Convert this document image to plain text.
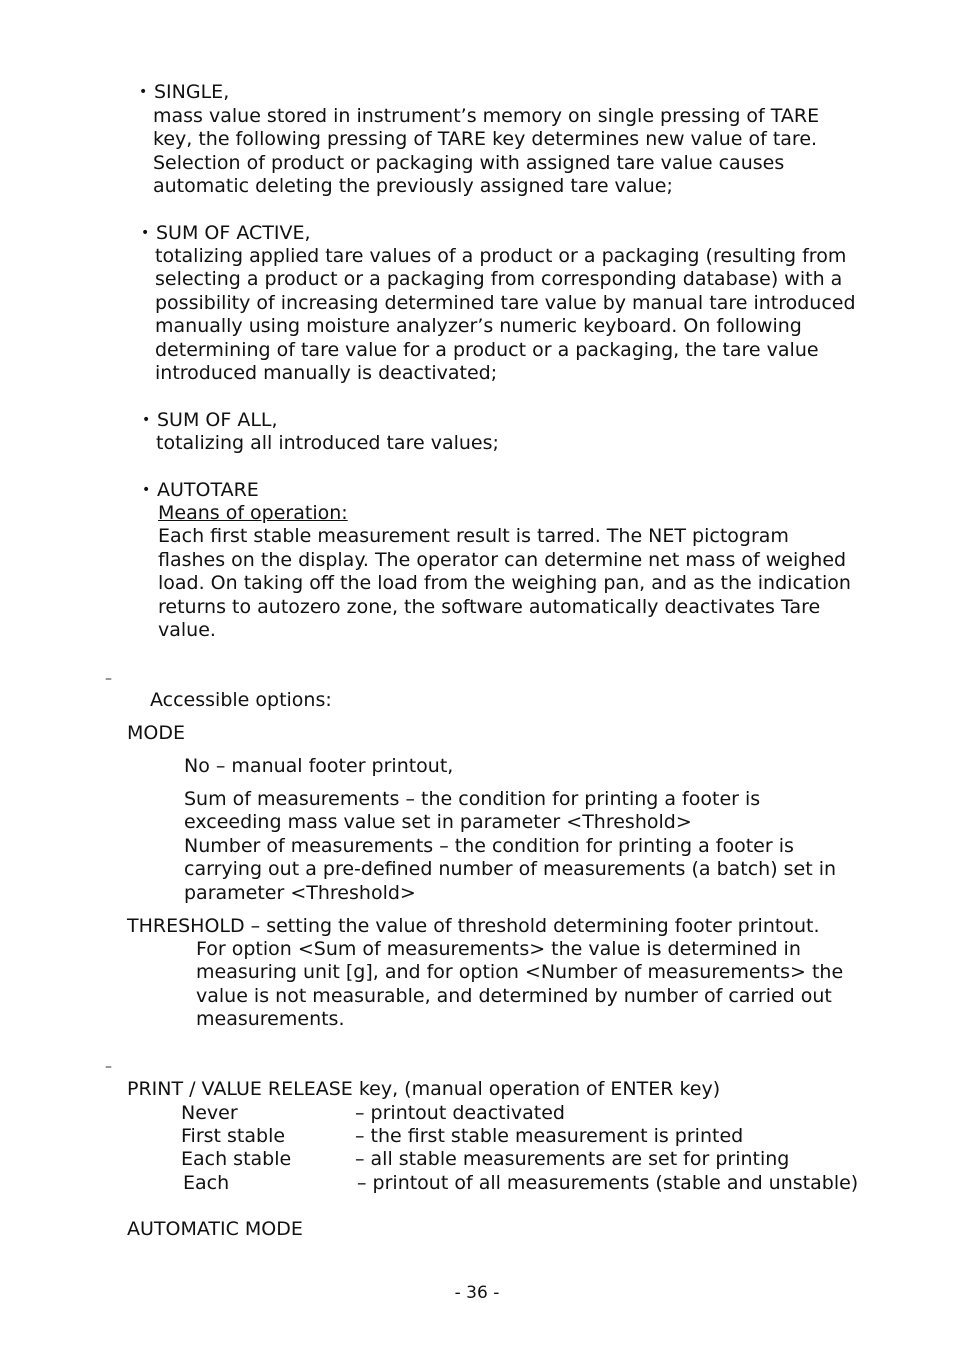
• SINGLE,
mass value stored in instrument’s memory on single pressing of TARE
key, the following pressing of TARE key determines new value of tare.
Selection of product or packaging with assigned tare value causes
automatic deleting the previously assigned tare value;
• SUM OF ACTIVE,
totalizing applied tare values of a product or a packaging (resulting from
selecting a product or a packaging from corresponding database) with a
possibility of increasing determined tare value by manual tare introduced
manually using moisture analyzer’s numeric keyboard. On following
determining of tare value for a product or a packaging, the tare value
introduced manually is deactivated;
• SUM OF ALL,
totalizing all introduced tare values;
• AUTOTARE
Means of operation:
Each first stable measurement result is tarred. The NET pictogram
flashes on the display. The operator can determine net mass of weighed
load. On taking off the load from the weighing pan, and as the indication
returns to autozero zone, the software automatically deactivates Tare
value.
–
Accessible options:
MODE
No – manual footer printout,
Sum of measurements – the condition for printing a footer is
exceeding mass value set in parameter <Threshold>
Number of measurements – the condition for printing a footer is
carrying out a pre-defined number of measurements (a batch) set in
parameter <Threshold>
THRESHOLD – setting the value of threshold determining footer printout.
For option <Sum of measurements> the value is determined in
measuring unit [g], and for option <Number of measurements> the
value is not measurable, and determined by number of carried out
measurements.
–
PRINT / VALUE RELEASE key, (manual operation of ENTER key)
Never	– printout deactivated
First stable	– the first stable measurement is printed
Each stable	– all stable measurements are set for printing
Each	– printout of all measurements (stable and unstable)
AUTOMATIC MODE
- 36 -
